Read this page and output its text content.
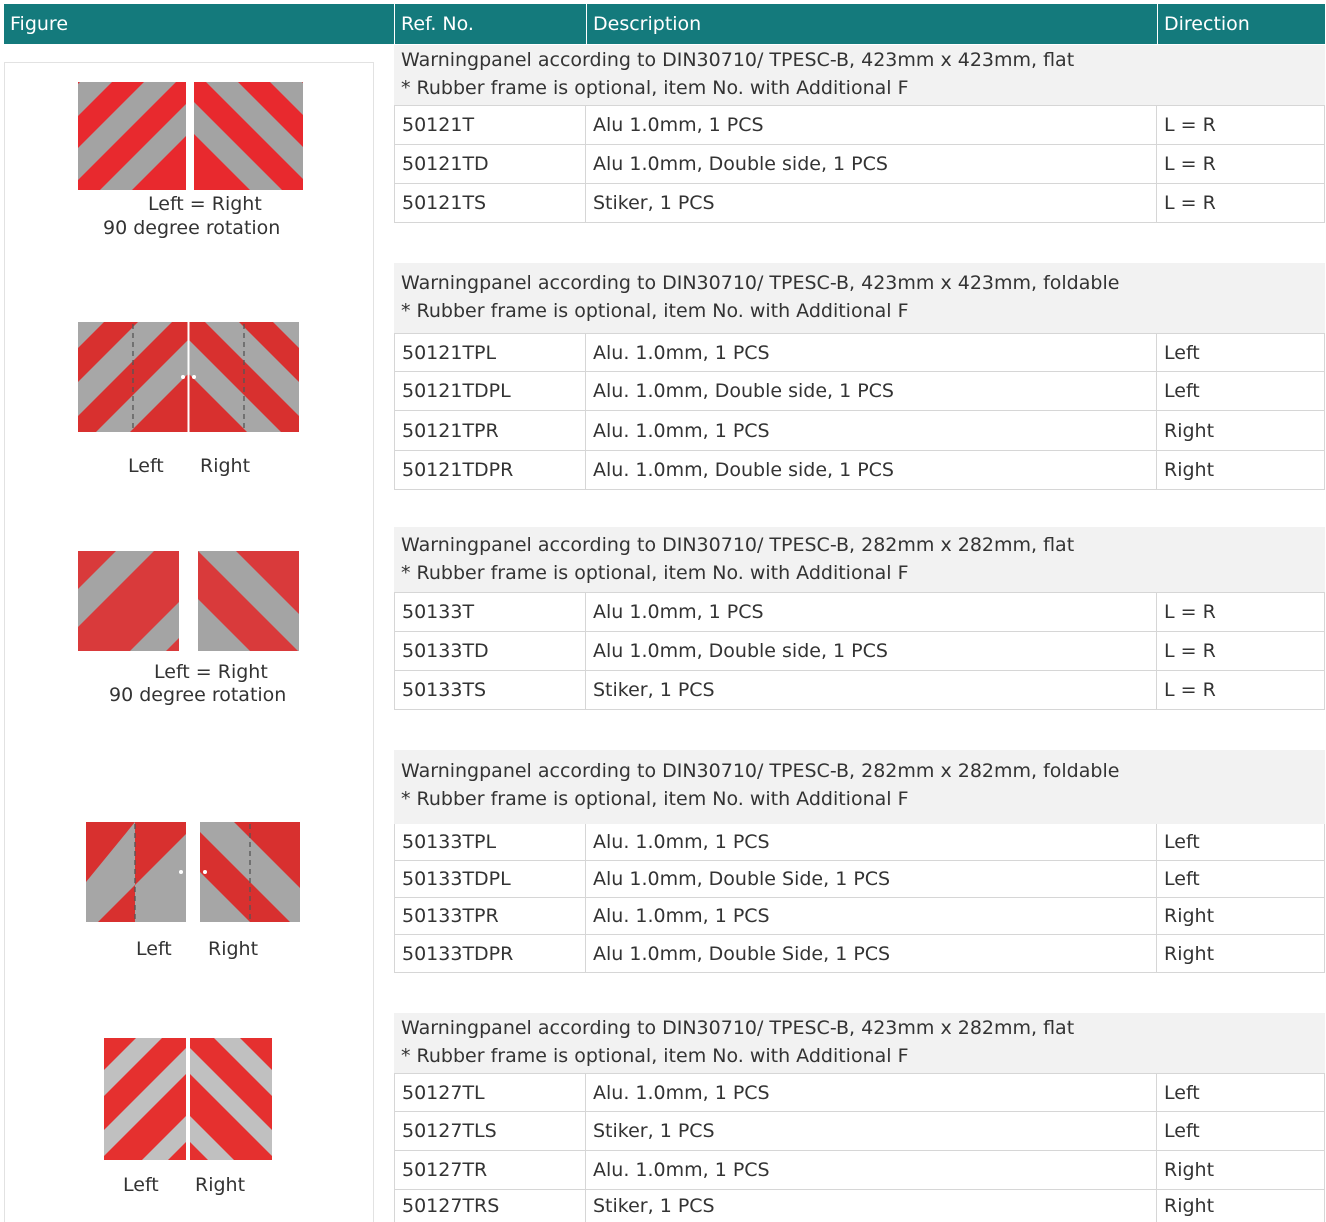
Figure	Ref. No.	Description	Direction
Left = Right
90 degree rotation
Left Right
Left = Right
90 degree rotation
Left Right
Left Right
Warningpanel according to DIN30710/ TPESC-B, 423mm x 423mm, flat
* Rubber frame is optional, item No. with Additional F
50121T	Alu 1.0mm, 1 PCS	L = R
50121TD	Alu 1.0mm, Double side, 1 PCS	L = R
50121TS	Stiker, 1 PCS	L = R
Warningpanel according to DIN30710/ TPESC-B, 423mm x 423mm, foldable
* Rubber frame is optional, item No. with Additional F
50121TPL	Alu. 1.0mm, 1 PCS	Left
50121TDPL	Alu. 1.0mm, Double side, 1 PCS	Left
50121TPR	Alu. 1.0mm, 1 PCS	Right
50121TDPR	Alu. 1.0mm, Double side, 1 PCS	Right
Warningpanel according to DIN30710/ TPESC-B, 282mm x 282mm, flat
* Rubber frame is optional, item No. with Additional F
50133T	Alu 1.0mm, 1 PCS	L = R
50133TD	Alu 1.0mm, Double side, 1 PCS	L = R
50133TS	Stiker, 1 PCS	L = R
Warningpanel according to DIN30710/ TPESC-B, 282mm x 282mm, foldable
* Rubber frame is optional, item No. with Additional F
50133TPL	Alu. 1.0mm, 1 PCS	Left
50133TDPL	Alu 1.0mm, Double Side, 1 PCS	Left
50133TPR	Alu. 1.0mm, 1 PCS	Right
50133TDPR	Alu 1.0mm, Double Side, 1 PCS	Right
Warningpanel according to DIN30710/ TPESC-B, 423mm x 282mm, flat
* Rubber frame is optional, item No. with Additional F
50127TL	Alu. 1.0mm, 1 PCS	Left
50127TLS	Stiker, 1 PCS	Left
50127TR	Alu. 1.0mm, 1 PCS	Right
50127TRS	Stiker, 1 PCS	Right
